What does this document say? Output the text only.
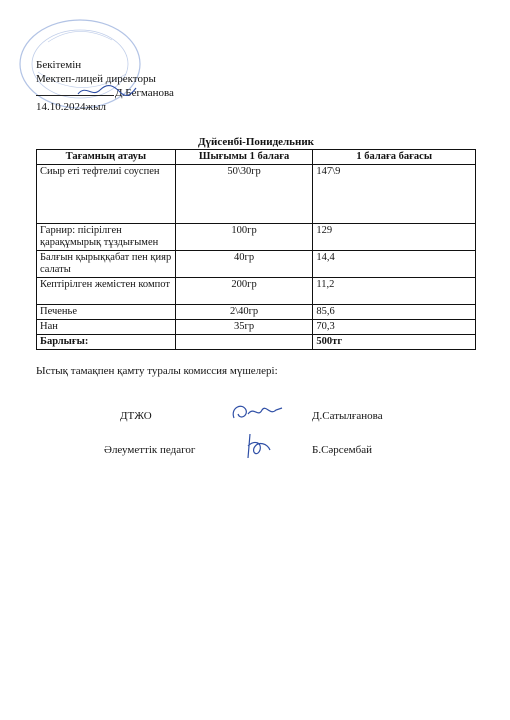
Бекітемін
Мектеп-лицей директоры
Д.Бегманова
14.10.2024жыл
Дүйсенбі-Понидельник
Тағамның атауы	Шығымы 1 балаға	1 балаға бағасы
Сиыр еті тефтелиі соуспен	50\30гр	147\9
Гарнир: пісірілген қарақұмырық тұздығымен	100гр	129
Балғын қырыққабат пен қияр салаты	40гр	14,4
Кептірілген жемістен компот	200гр	11,2
Печенье	2\40гр	85,6
Нан	35гр	70,3
Барлығы:		500тг
Ыстық тамақпен қамту туралы комиссия мүшелері:
ДТЖО	Д.Сатылғанова
Әлеуметтік педагог	Б.Сәрсембай
